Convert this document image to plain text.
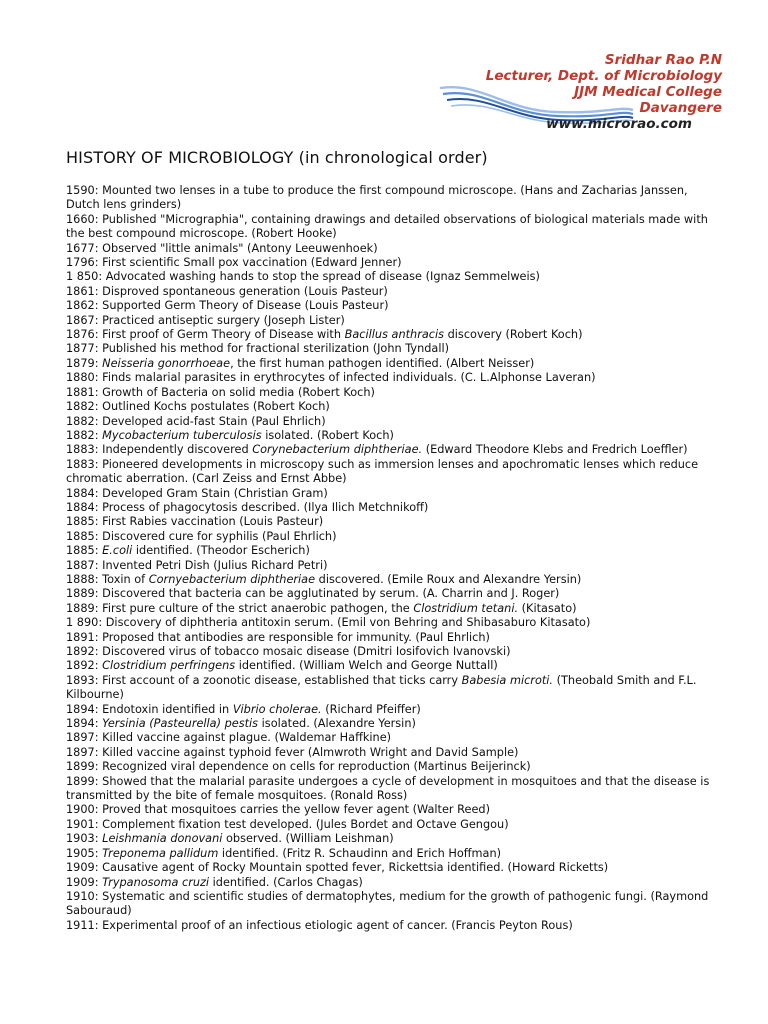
Sridhar Rao P.N
Lecturer, Dept. of Microbiology
JJM Medical College
Davangere
www.microrao.com
HISTORY OF MICROBIOLOGY (in chronological order)
1590: Mounted two lenses in a tube to produce the first compound microscope. (Hans and Zacharias Janssen, Dutch lens grinders)
1660: Published "Micrographia", containing drawings and detailed observations of biological materials made with the best compound microscope. (Robert Hooke)
1677: Observed "little animals" (Antony Leeuwenhoek)
1796: First scientific Small pox vaccination (Edward Jenner)
1 850: Advocated washing hands to stop the spread of disease (Ignaz Semmelweis)
1861: Disproved spontaneous generation (Louis Pasteur)
1862: Supported Germ Theory of Disease (Louis Pasteur)
1867: Practiced antiseptic surgery (Joseph Lister)
1876: First proof of Germ Theory of Disease with Bacillus anthracis discovery (Robert Koch)
1877: Published his method for fractional sterilization (John Tyndall)
1879: Neisseria gonorrhoeae, the first human pathogen identified. (Albert Neisser)
1880: Finds malarial parasites in erythrocytes of infected individuals. (C. L.Alphonse Laveran)
1881: Growth of Bacteria on solid media (Robert Koch)
1882: Outlined Kochs postulates (Robert Koch)
1882: Developed acid-fast Stain (Paul Ehrlich)
1882: Mycobacterium tuberculosis isolated. (Robert Koch)
1883: Independently discovered Corynebacterium diphtheriae. (Edward Theodore Klebs and Fredrich Loeffler)
1883: Pioneered developments in microscopy such as immersion lenses and apochromatic lenses which reduce chromatic aberration. (Carl Zeiss and Ernst Abbe)
1884: Developed Gram Stain (Christian Gram)
1884: Process of phagocytosis described. (Ilya Ilich Metchnikoff)
1885: First Rabies vaccination (Louis Pasteur)
1885: Discovered cure for syphilis (Paul Ehrlich)
1885: E.coli identified. (Theodor Escherich)
1887: Invented Petri Dish (Julius Richard Petri)
1888: Toxin of Cornyebacterium diphtheriae discovered. (Emile Roux and Alexandre Yersin)
1889: Discovered that bacteria can be agglutinated by serum. (A. Charrin and J. Roger)
1889: First pure culture of the strict anaerobic pathogen, the Clostridium tetani. (Kitasato)
1 890: Discovery of diphtheria antitoxin serum. (Emil von Behring and Shibasaburo Kitasato)
1891: Proposed that antibodies are responsible for immunity. (Paul Ehrlich)
1892: Discovered virus of tobacco mosaic disease (Dmitri Iosifovich Ivanovski)
1892: Clostridium perfringens identified. (William Welch and George Nuttall)
1893: First account of a zoonotic disease, established that ticks carry Babesia microti. (Theobald Smith and F.L. Kilbourne)
1894: Endotoxin identified in Vibrio cholerae. (Richard Pfeiffer)
1894: Yersinia (Pasteurella) pestis isolated. (Alexandre Yersin)
1897: Killed vaccine against plague. (Waldemar Haffkine)
1897: Killed vaccine against typhoid fever (Almwroth Wright and David Sample)
1899: Recognized viral dependence on cells for reproduction (Martinus Beijerinck)
1899: Showed that the malarial parasite undergoes a cycle of development in mosquitoes and that the disease is transmitted by the bite of female mosquitoes. (Ronald Ross)
1900: Proved that mosquitoes carries the yellow fever agent (Walter Reed)
1901: Complement fixation test developed. (Jules Bordet and Octave Gengou)
1903: Leishmania donovani observed. (William Leishman)
1905: Treponema pallidum identified. (Fritz R. Schaudinn and Erich Hoffman)
1909: Causative agent of Rocky Mountain spotted fever, Rickettsia identified. (Howard Ricketts)
1909: Trypanosoma cruzi identified. (Carlos Chagas)
1910: Systematic and scientific studies of dermatophytes, medium for the growth of pathogenic fungi. (Raymond Sabouraud)
1911: Experimental proof of an infectious etiologic agent of cancer. (Francis Peyton Rous)
